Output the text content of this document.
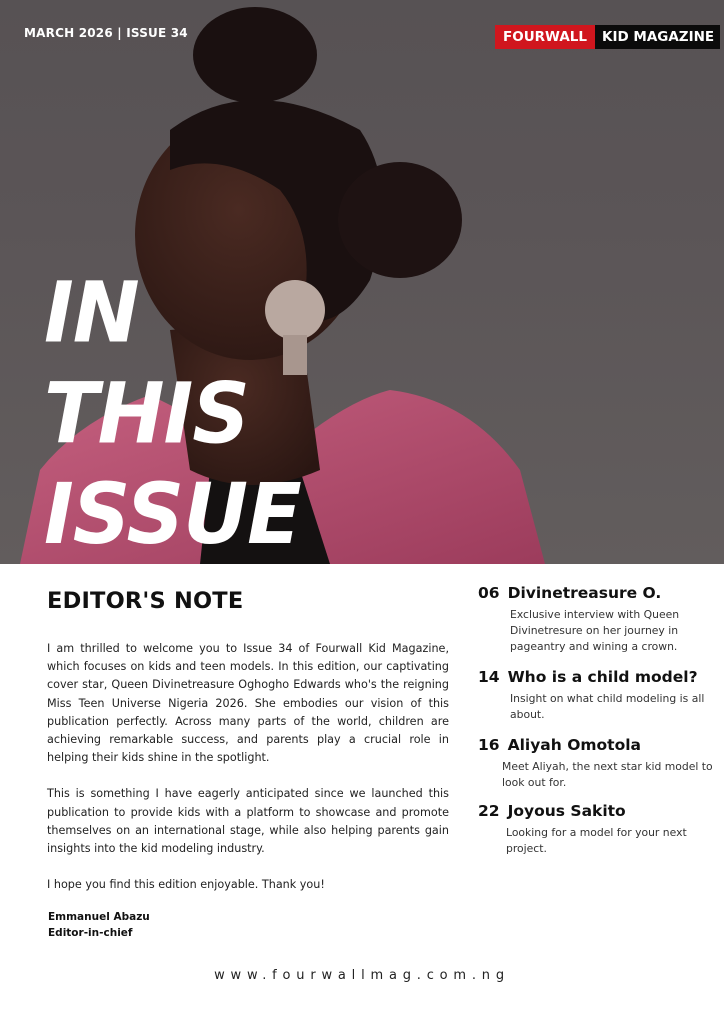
MARCH 2026 | ISSUE 34	FOURWALL	KID MAGAZINE
IN
THIS
ISSUE
EDITOR'S NOTE

I am thrilled to welcome you to Issue 34 of Fourwall Kid Magazine, which focuses on kids and teen models. In this edition, our captivating cover star, Queen Divinetreasure Oghogho Edwards who's the reigning Miss Teen Universe Nigeria 2026. She embodies our vision of this publication perfectly. Across many parts of the world, children are achieving remarkable success, and parents play a crucial role in helping their kids shine in the spotlight.

This is something I have eagerly anticipated since we launched this publication to provide kids with a platform to showcase and promote themselves on an international stage, while also helping parents gain insights into the kid modeling industry.

I hope you find this edition enjoyable. Thank you!

Emmanuel Abazu
Editor-in-chief
06 Divinetreasure O.
Exclusive interview with Queen Divinetresure on her journey in pageantry and wining a crown.
14 Who is a child model?
Insight on what child modeling is all about.
16 Aliyah Omotola
Meet Aliyah, the next star kid model to look out for.
22 Joyous Sakito
Looking for a model for your next project.
www.fourwallmag.com.ng
